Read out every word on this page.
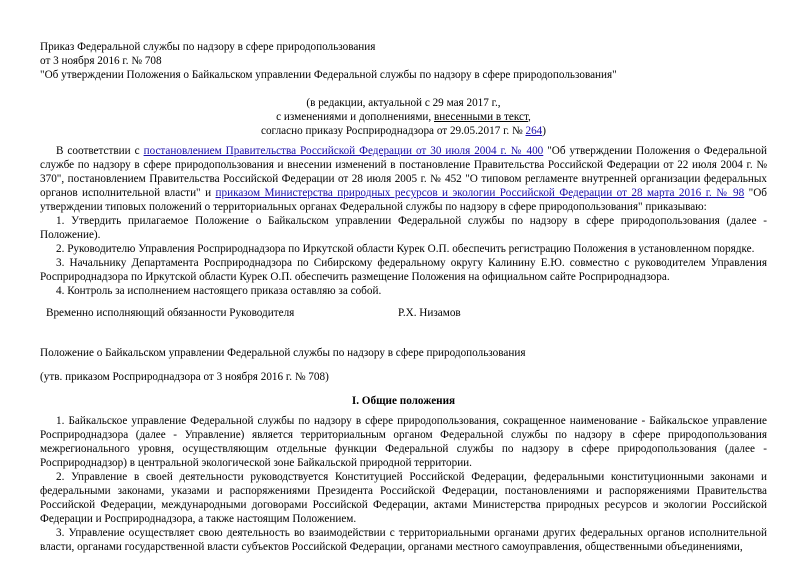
Приказ Федеральной службы по надзору в сфере природопользования
от 3 ноября 2016 г. № 708
"Об утверждении Положения о Байкальском управлении Федеральной службы по надзору в сфере природопользования"
(в редакции, актуальной с 29 мая 2017 г.,
с изменениями и дополнениями, внесенными в текст,
согласно приказу Росприроднадзора от 29.05.2017 г. № 264)
В соответствии с постановлением Правительства Российской Федерации от 30 июля 2004 г. № 400 "Об утверждении Положения о Федеральной службе по надзору в сфере природопользования и внесении изменений в постановление Правительства Российской Федерации от 22 июля 2004 г. № 370", постановлением Правительства Российской Федерации от 28 июля 2005 г. № 452 "О типовом регламенте внутренней организации федеральных органов исполнительной власти" и приказом Министерства природных ресурсов и экологии Российской Федерации от 28 марта 2016 г. № 98 "Об утверждении типовых положений о территориальных органах Федеральной службы по надзору в сфере природопользования" приказываю:
1. Утвердить прилагаемое Положение о Байкальском управлении Федеральной службы по надзору в сфере природопользования (далее - Положение).
2. Руководителю Управления Росприроднадзора по Иркутской области Курек О.П. обеспечить регистрацию Положения в установленном порядке.
3. Начальнику Департамента Росприроднадзора по Сибирскому федеральному округу Калинину Е.Ю. совместно с руководителем Управления Росприроднадзора по Иркутской области Курек О.П. обеспечить размещение Положения на официальном сайте Росприроднадзора.
4. Контроль за исполнением настоящего приказа оставляю за собой.
Временно исполняющий обязанности Руководителя	Р.Х. Низамов
Положение о Байкальском управлении Федеральной службы по надзору в сфере природопользования
(утв. приказом Росприроднадзора от 3 ноября 2016 г. № 708)
I. Общие положения
1. Байкальское управление Федеральной службы по надзору в сфере природопользования, сокращенное наименование - Байкальское управление Росприроднадзора (далее - Управление) является территориальным органом Федеральной службы по надзору в сфере природопользования межрегионального уровня, осуществляющим отдельные функции Федеральной службы по надзору в сфере природопользования (далее - Росприроднадзор) в центральной экологической зоне Байкальской природной территории.
2. Управление в своей деятельности руководствуется Конституцией Российской Федерации, федеральными конституционными законами и федеральными законами, указами и распоряжениями Президента Российской Федерации, постановлениями и распоряжениями Правительства Российской Федерации, международными договорами Российской Федерации, актами Министерства природных ресурсов и экологии Российской Федерации и Росприроднадзора, а также настоящим Положением.
3. Управление осуществляет свою деятельность во взаимодействии с территориальными органами других федеральных органов исполнительной власти, органами государственной власти субъектов Российской Федерации, органами местного самоуправления, общественными объединениями,
